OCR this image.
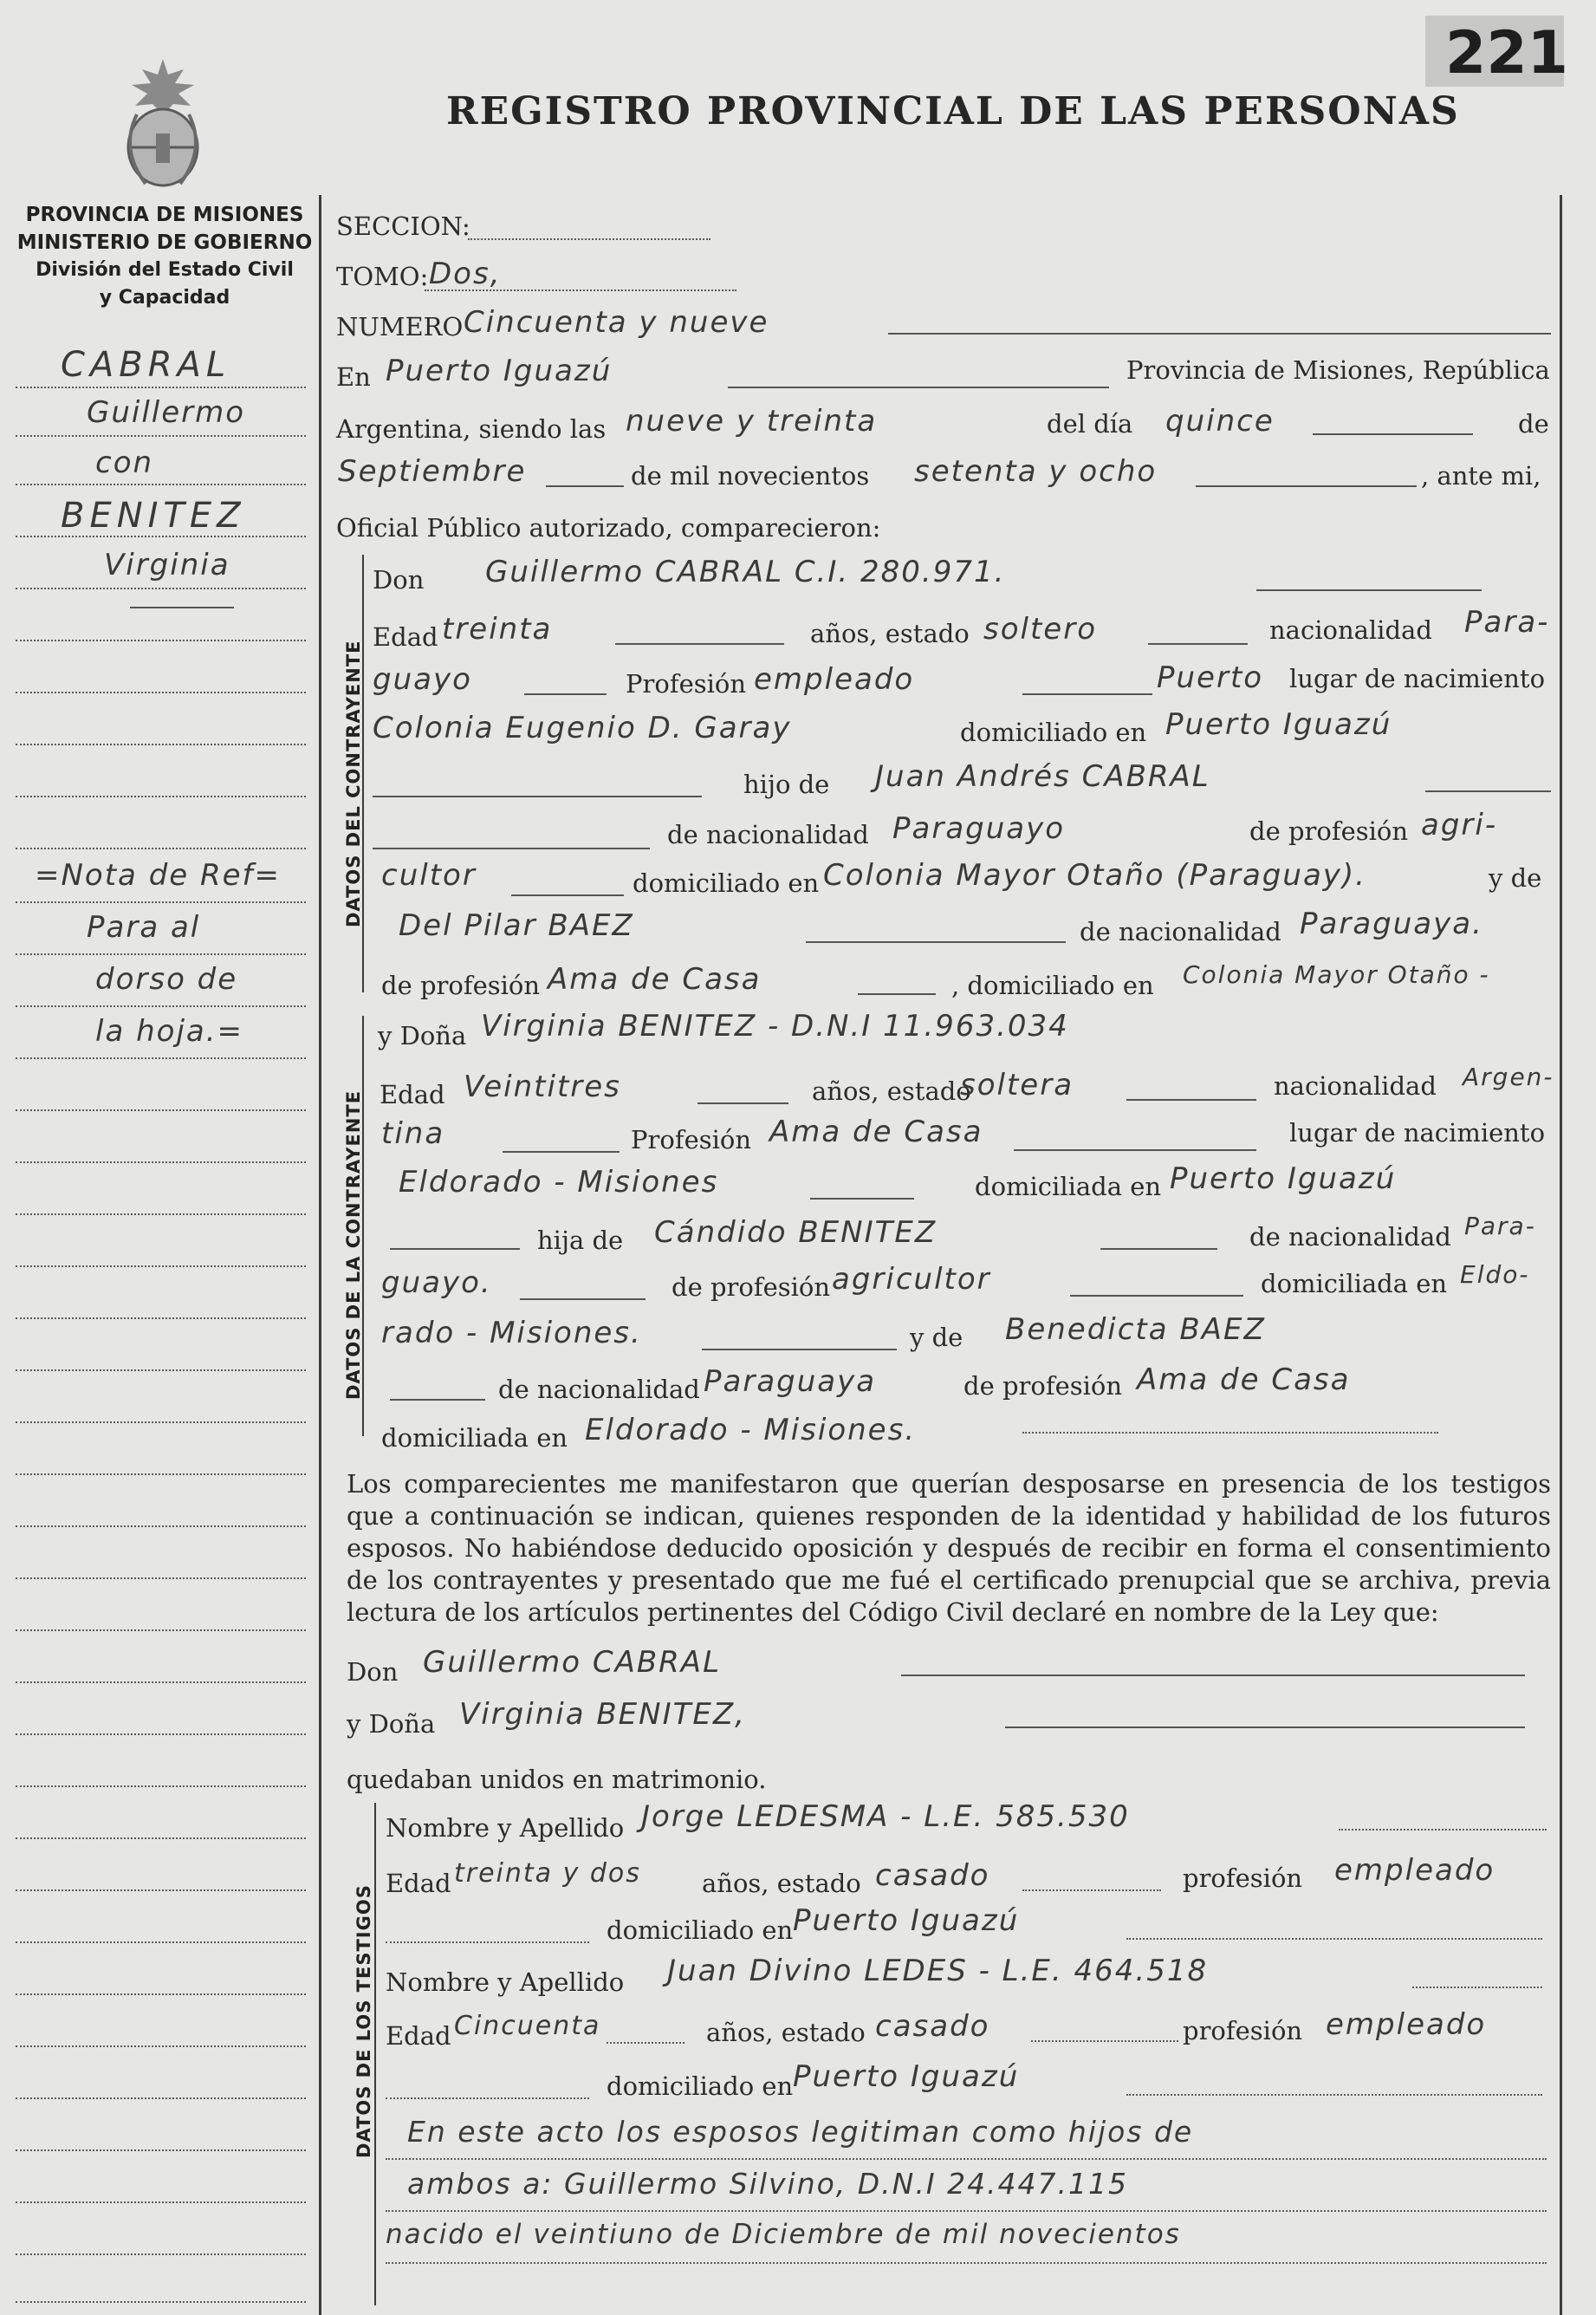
221
REGISTRO PROVINCIAL DE LAS PERSONAS
PROVINCIA DE MISIONES
MINISTERIO DE GOBIERNO
División del Estado Civil
y Capacidad
CABRAL
Guillermo
con
BENITEZ
Virginia
=Nota de Ref=
Para al
dorso de
la hoja.=
SECCION:
TOMO: Dos,
NUMERO Cincuenta y nueve
En Puerto Iguazú	Provincia de Misiones, República
Argentina, siendo las nueve y treinta	del día quince	de
Septiembre	de mil novecientos setenta y ocho	, ante mi,
Oficial Público autorizado, comparecieron:
DATOS DEL CONTRAYENTE
Don Guillermo CABRAL C.I. 280.971.
Edad treinta	años, estado soltero	nacionalidad Para-
guayo	Profesión empleado	Puerto lugar de nacimiento
Colonia Eugenio D. Garay	domiciliado en Puerto Iguazú
hijo de Juan Andrés CABRAL
de nacionalidad Paraguayo	de profesión agri-
cultor	domiciliado en Colonia Mayor Otaño (Paraguay).	y de
Del Pilar BAEZ	de nacionalidad Paraguaya.
de profesión Ama de Casa	, domiciliado en Colonia Mayor Otaño -
DATOS DE LA CONTRAYENTE
y Doña Virginia BENITEZ - D.N.I 11.963.034
Edad Veintitres	años, estado
soltera	nacionalidad Argen-
tina	Profesión Ama de Casa	lugar de nacimiento
Eldorado - Misiones	domiciliada en Puerto Iguazú
hija de Cándido BENITEZ	de nacionalidad Para-
guayo.	de profesión agricultor	domiciliada en Eldo-
rado - Misiones.	y de Benedicta BAEZ
de nacionalidad Paraguaya	de profesión Ama de Casa
domiciliada en Eldorado - Misiones.
Los comparecientes me manifestaron que querían desposarse en presencia de los testigos que a continuación se indican, quienes responden de la identidad y habilidad de los futuros esposos. No habiéndose deducido oposición y después de recibir en forma el consentimiento de los contrayentes y presentado que me fué el certificado prenupcial que se archiva, previa lectura de los artículos pertinentes del Código Civil declaré en nombre de la Ley que:
Don Guillermo CABRAL
y Doña Virginia BENITEZ,
quedaban unidos en matrimonio.
DATOS DE LOS TESTIGOS
Nombre y Apellido Jorge LEDESMA - L.E. 585.530
Edad treinta y dos años, estado casado	profesión empleado
domiciliado en Puerto Iguazú
Nombre y Apellido Juan Divino LEDES - L.E. 464.518
Edad Cincuenta	años, estado casado	profesión empleado
domiciliado en Puerto Iguazú
En este acto los esposos legitiman como hijos de
ambos a: Guillermo Silvino, D.N.I 24.447.115
nacido el veintiuno de Diciembre de mil novecientos
